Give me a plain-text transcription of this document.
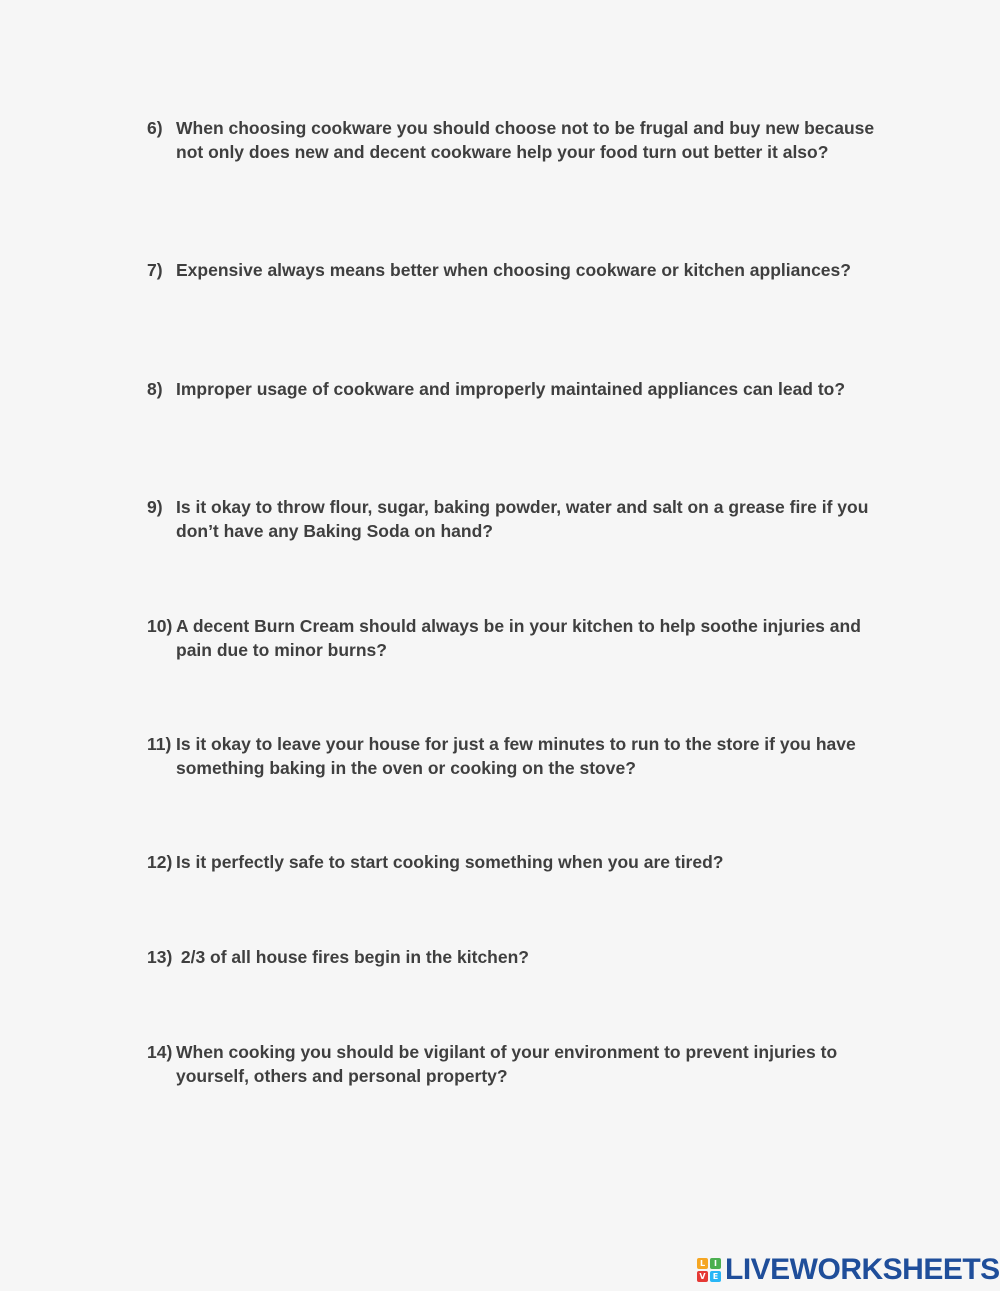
6) When choosing cookware you should choose not to be frugal and buy new because not only does new and decent cookware help your food turn out better it also?
7) Expensive always means better when choosing cookware or kitchen appliances?
8) Improper usage of cookware and improperly maintained appliances can lead to?
9) Is it okay to throw flour, sugar, baking powder, water and salt on a grease fire if you don’t have any Baking Soda on hand?
10) A decent Burn Cream should always be in your kitchen to help soothe injuries and pain due to minor burns?
11) Is it okay to leave your house for just a few minutes to run to the store if you have something baking in the oven or cooking on the stove?
12) Is it perfectly safe to start cooking something when you are tired?
13) 2/3 of all house fires begin in the kitchen?
14) When cooking you should be vigilant of your environment to prevent injuries to yourself, others and personal property?
L	I
V E LIVEWORKSHEETS
